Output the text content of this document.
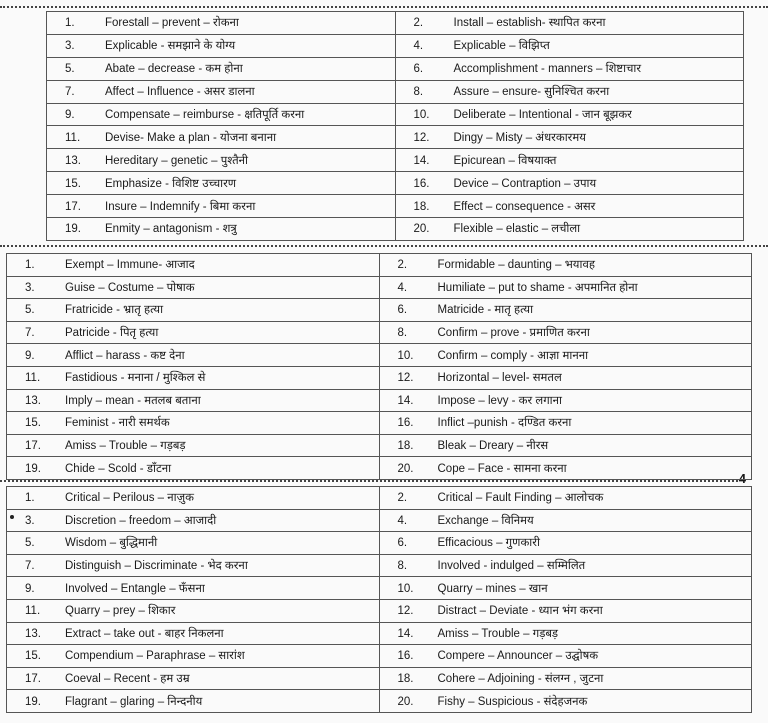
4
1. Forestall – prevent – रोकना	2. Install – establish- स्थापित करना
3. Explicable - समझाने के योग्य	4. Explicable – विझिप्त
5. Abate – decrease - कम होना	6. Accomplishment - manners – शिष्टाचार
7. Affect – Influence - असर डालना	8. Assure – ensure- सुनिश्चित करना
9. Compensate – reimburse - क्षतिपूर्ति करना	10. Deliberate – Intentional - जान बूझकर
11. Devise- Make a plan - योजना बनाना	12. Dingy – Misty – अंधरकारमय
13. Hereditary – genetic – पुश्तैनी	14. Epicurean – विषयाक्त
15. Emphasize - विशिष्ट उच्चारण	16. Device – Contraption – उपाय
17. Insure – Indemnify - बिमा करना	18. Effect – consequence - असर
19. Enmity – antagonism - शत्रु	20. Flexible – elastic – लचीला
1. Exempt – Immune- आजाद	2. Formidable – daunting – भयावह
3. Guise – Costume – पोषाक	4. Humiliate – put to shame - अपमानित होना
5. Fratricide - भ्रातृ हत्या	6. Matricide - मातृ हत्या
7. Patricide - पितृ हत्या	8. Confirm – prove - प्रमाणित करना
9. Afflict – harass - कष्ट देना	10. Confirm – comply - आज्ञा मानना
11. Fastidious - मनाना / मुश्किल से	12. Horizontal – level- समतल
13. Imply – mean - मतलब बताना	14. Impose – levy - कर लगाना
15. Feminist - नारी समर्थक	16. Inflict –punish - दण्डित करना
17. Amiss – Trouble – गड़बड़	18. Bleak – Dreary – नीरस
19. Chide – Scold - डाँटना	20. Cope – Face - सामना करना
1. Critical – Perilous – नाज़ुक	2. Critical – Fault Finding – आलोचक
3. Discretion – freedom – आजादी	4. Exchange – विनिमय
5. Wisdom – बुद्धिमानी	6. Efficacious – गुणकारी
7. Distinguish – Discriminate - भेद करना	8. Involved - indulged – सम्मिलित
9. Involved – Entangle – फँसना	10. Quarry – mines – खान
11. Quarry – prey – शिकार	12. Distract – Deviate - ध्यान भंग करना
13. Extract – take out - बाहर निकलना	14. Amiss – Trouble – गड़बड़
15. Compendium – Paraphrase – सारांश	16. Compere – Announcer – उद्घोषक
17. Coeval – Recent - हम उम्र	18. Cohere – Adjoining - संलग्न , जुटना
19. Flagrant – glaring – निन्दनीय	20. Fishy – Suspicious - संदेहजनक
